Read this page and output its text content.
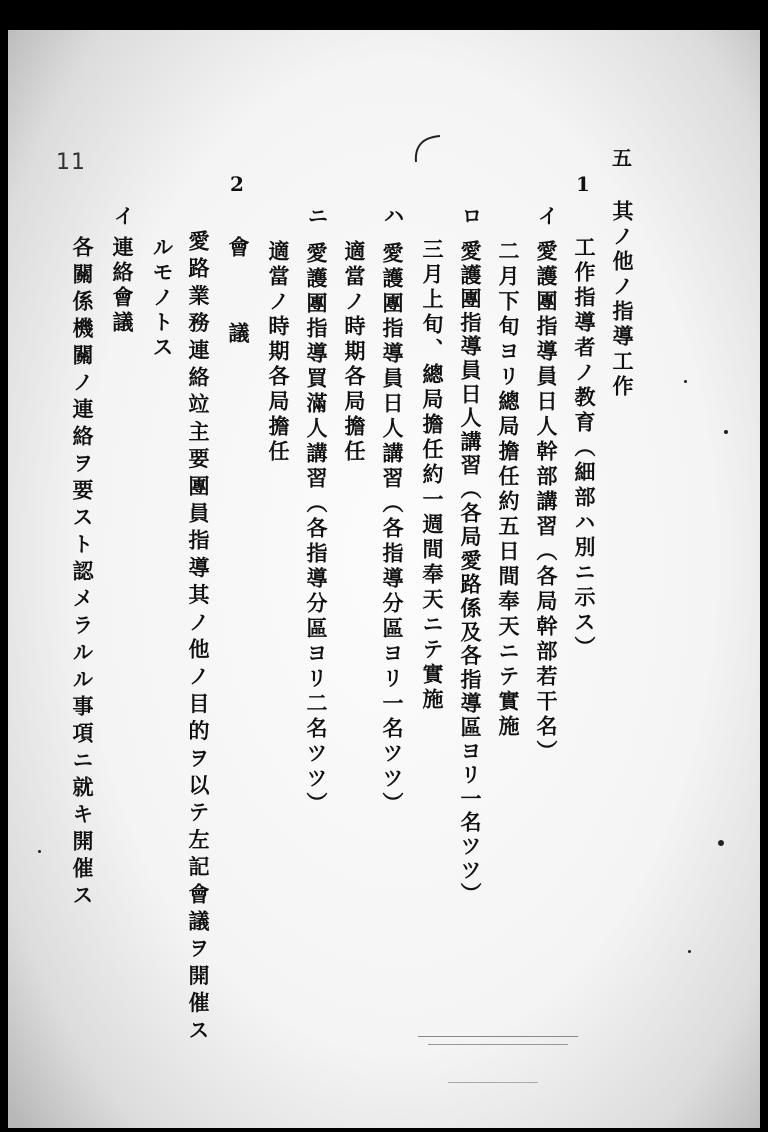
11	五
其ノ他ノ指導工作
1
工作指導者ノ教育（細部ハ別ニ示ス）
イ
愛護團指導員日人幹部講習（各局幹部若干名）
二月下旬ヨリ總局擔任約五日間奉天ニテ實施
ロ
愛護團指導員日人講習（各局愛路係及各指導區ヨリ一名ツツ）
三月上旬、總局擔任約一週間奉天ニテ實施
ハ
愛護團指導員日人講習（各指導分區ヨリ一名ツツ）
適當ノ時期各局擔任
ニ
愛護團指導買滿人講習（各指導分區ヨリ二名ツツ）
適當ノ時期各局擔任
2
會　議
愛路業務連絡竝主要團員指導其ノ他ノ目的ヲ以テ左記會議ヲ開催ス
ルモノトス
イ
連絡會議
各關係機關ノ連絡ヲ要スト認メラルル事項ニ就キ開催ス
